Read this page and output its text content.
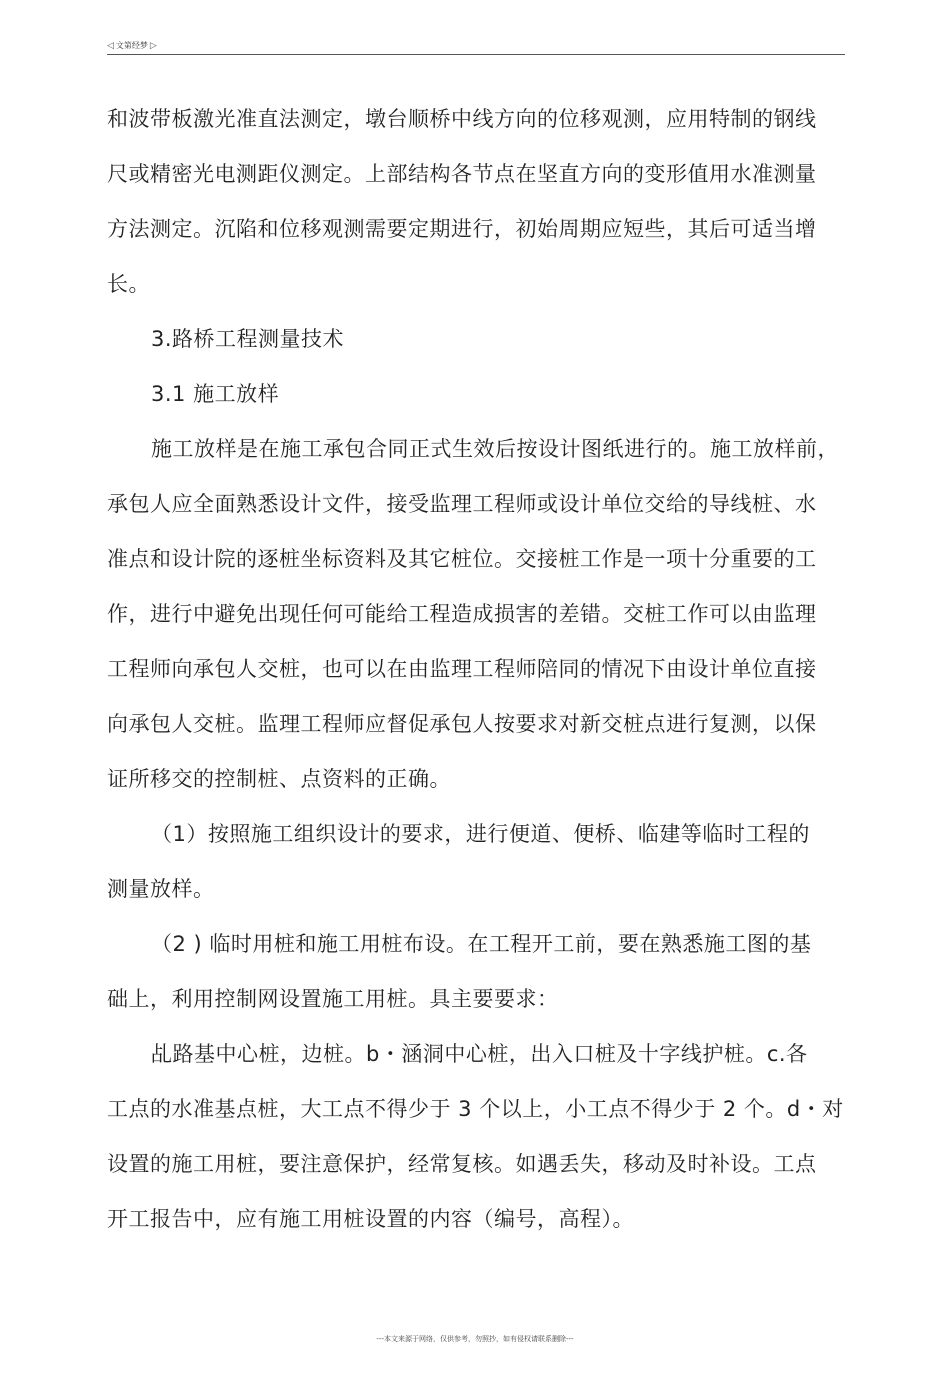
◁ 文第经梦 ▷

和波带板激光准直法测定，墩台顺桥中线方向的位移观测，应用特制的钢线

尺或精密光电测距仪测定。上部结构各节点在坚直方向的变形值用水准测量

方法测定。沉陷和位移观测需要定期进行，初始周期应短些，其后可适当增

长。

3.路桥工程测量技术

3.1 施工放样

施工放样是在施工承包合同正式生效后按设计图纸进行的。施工放样前，

承包人应全面熟悉设计文件，接受监理工程师或设计单位交给的导线桩、水

准点和设计院的逐桩坐标资料及其它桩位。交接桩工作是一项十分重要的工

作，进行中避免出现任何可能给工程造成损害的差错。交桩工作可以由监理

工程师向承包人交桩，也可以在由监理工程师陪同的情况下由设计单位直接

向承包人交桩。监理工程师应督促承包人按要求对新交桩点进行复测，以保

证所移交的控制桩、点资料的正确。

（1）按照施工组织设计的要求，进行便道、便桥、临建等临时工程的

测量放样。

（2 ) 临时用桩和施工用桩布设。在工程开工前，要在熟悉施工图的基

础上，利用控制网设置施工用桩。具主要要求：

乩路基中心桩，边桩。b・涵洞中心桩，出入口桩及十字线护桩。c.各

工点的水准基点桩，大工点不得少于 3 个以上，小工点不得少于 2 个。d・对

设置的施工用桩，要注意保护，经常复核。如遇丢失，移动及时补设。工点

开工报告中，应有施工用桩设置的内容（编号，高程）。

---本文来源于网络，仅供参考，勿照抄，如有侵权请联系删除---
